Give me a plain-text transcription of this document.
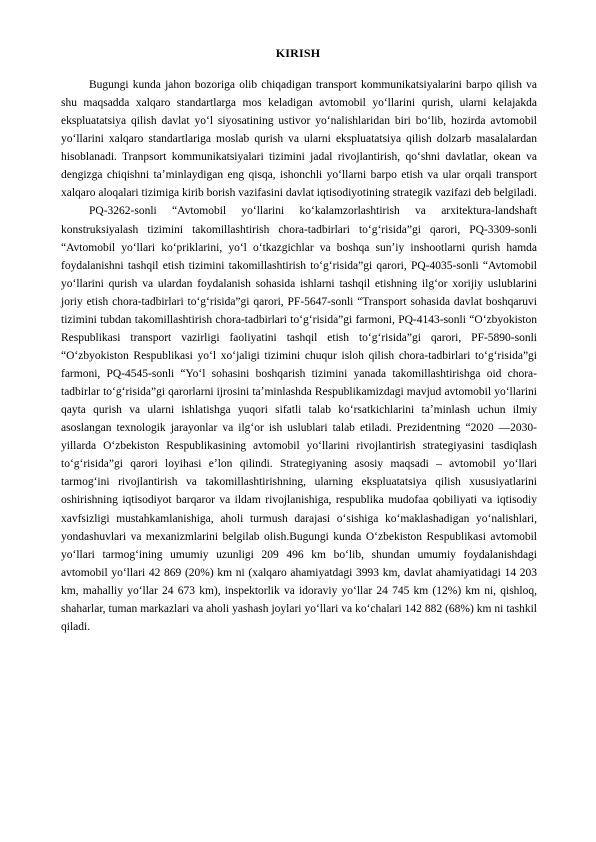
KIRISH

Bugungi kunda jahon bozoriga olib chiqadigan transport kommunikatsiyalarini barpo qilish va shu maqsadda xalqaro standartlarga mos keladigan avtomobil yoʻllarini qurish, ularni kelajakda ekspluatatsiya qilish davlat yoʻl siyosatining ustivor yoʻnalishlaridan biri boʻlib, hozirda avtomobil yoʻllarini xalqaro standartlariga moslab qurish va ularni ekspluatatsiya qilish dolzarb masalalardan hisoblanadi. Tranpsort kommunikatsiyalari tizimini jadal rivojlantirish, qoʻshni davlatlar, okean va dengizga chiqishni taʼminlaydigan eng qisqa, ishonchli yoʻllarni barpo etish va ular orqali transport xalqaro aloqalari tizimiga kirib borish vazifasini davlat iqtisodiyotining strategik vazifazi deb belgiladi.

PQ-3262-sonli “Avtomobil yoʻllarini koʻkalamzorlashtirish va arxitektura-landshaft konstruksiyalash tizimini takomillashtirish chora-tadbirlari toʻgʻrisida”gi qarori, PQ-3309-sonli “Avtomobil yoʻllari koʻpriklarini, yoʻl oʻtkazgichlar va boshqa sunʼiy inshootlarni qurish hamda foydalanishni tashqil etish tizimini takomillashtirish toʻgʻrisida”gi qarori, PQ-4035-sonli “Avtomobil yoʻllarini qurish va ulardan foydalanish sohasida ishlarni tashqil etishning ilgʻor xorijiy uslublarini joriy etish chora-tadbirlari toʻgʻrisida”gi qarori, PF-5647-sonli “Transport sohasida davlat boshqaruvi tizimini tubdan takomillashtirish chora-tadbirlari toʻgʻrisida”gi farmoni, PQ-4143-sonli “Oʻzbyokiston Respublikasi transport vazirligi faoliyatini tashqil etish toʻgʻrisida”gi qarori, PF-5890-sonli “Oʻzbyokiston Respublikasi yoʻl xoʻjaligi tizimini chuqur isloh qilish chora-tadbirlari toʻgʻrisida”gi farmoni, PQ-4545-sonli “Yoʻl sohasini boshqarish tizimini yanada takomillashtirishga oid chora-tadbirlar toʻgʻrisida”gi qarorlarni ijrosini taʼminlashda Respublikamizdagi mavjud avtomobil yoʻllarini qayta qurish va ularni ishlatishga yuqori sifatli talab koʻrsatkichlarini taʼminlash uchun ilmiy asoslangan texnologik jarayonlar va ilgʻor ish uslublari talab etiladi. Prezidentning “2020 —2030-yillarda Oʻzbekiston Respublikasining avtomobil yoʻllarini rivojlantirish strategiyasini tasdiqlash toʻgʻrisida”gi qarori loyihasi eʼlon qilindi. Strategiyaning asosiy maqsadi – avtomobil yoʻllari tarmogʻini rivojlantirish va takomillashtirishning, ularning ekspluatatsiya qilish xususiyatlarini oshirishning iqtisodiyot barqaror va ildam rivojlanishiga, respublika mudofaa qobiliyati va iqtisodiy xavfsizligi mustahkamlanishiga, aholi turmush darajasi oʻsishiga koʻmaklashadigan yoʻnalishlari, yondashuvlari va mexanizmlarini belgilab olish.Bugungi kunda Oʻzbekiston Respublikasi avtomobil yoʻllari tarmogʻining umumiy uzunligi 209 496 km boʻlib, shundan umumiy foydalanishdagi avtomobil yoʻllari 42 869 (20%) km ni (xalqaro ahamiyatdagi 3993 km, davlat ahamiyatidagi 14 203 km, mahalliy yoʻllar 24 673 km), inspektorlik va idoraviy yoʻllar 24 745 km (12%) km ni, qishloq, shaharlar, tuman markazlari va aholi yashash joylari yoʻllari va koʻchalari 142 882 (68%) km ni tashkil qiladi.
